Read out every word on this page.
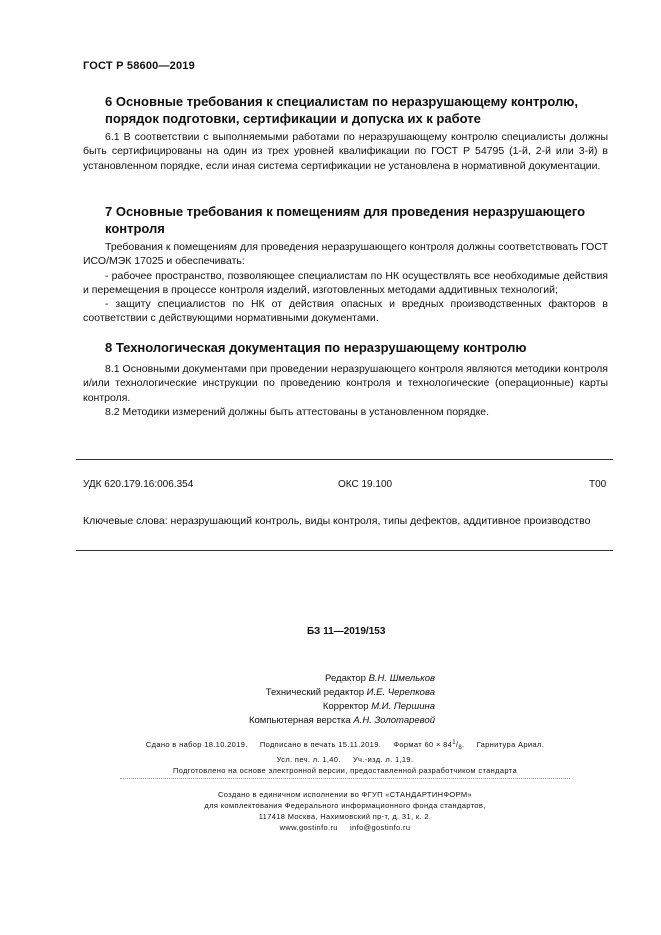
ГОСТ Р 58600—2019
6 Основные требования к специалистам по неразрушающему контролю,
порядок подготовки, сертификации и допуска их к работе
6.1 В соответствии с выполняемыми работами по неразрушающему контролю специалисты должны быть сертифицированы на один из трех уровней квалификации по ГОСТ Р 54795 (1-й, 2-й или 3-й) в установленном порядке, если иная система сертификации не установлена в нормативной документации.
7 Основные требования к помещениям для проведения неразрушающего
контроля
Требования к помещениям для проведения неразрушающего контроля должны соответствовать ГОСТ ИСО/МЭК 17025 и обеспечивать:
- рабочее пространство, позволяющее специалистам по НК осуществлять все необходимые действия и перемещения в процессе контроля изделий, изготовленных методами аддитивных технологий;
- защиту специалистов по НК от действия опасных и вредных производственных факторов в соответствии с действующими нормативными документами.
8 Технологическая документация по неразрушающему контролю
8.1 Основными документами при проведении неразрушающего контроля являются методики контроля и/или технологические инструкции по проведению контроля и технологические (операционные) карты контроля.
8.2 Методики измерений должны быть аттестованы в установленном порядке.
УДК 620.179.16:006.354	ОКС 19.100	Т00
Ключевые слова: неразрушающий контроль, виды контроля, типы дефектов, аддитивное производство
БЗ 11—2019/153
Редактор В.Н. Шмельков
Технический редактор И.Е. Черепкова
Корректор М.И. Першина
Компьютерная верстка А.Н. Золотаревой
Сдано в набор 18.10.2019. Подписано в печать 15.11.2019. Формат $60 \times 84^1/_8$. Гарнитура Ариал.
Усл. печ. л. 1,40. Уч.-изд. л. 1,19.
Подготовлено на основе электронной версии, предоставленной разработчиком стандарта
Создано в единичном исполнении во ФГУП «СТАНДАРТИНФОРМ»
для комплектования Федерального информационного фонда стандартов,
117418 Москва, Нахимовский пр-т, д. 31, к. 2.
www.gostinfo.ru info@gostinfo.ru
